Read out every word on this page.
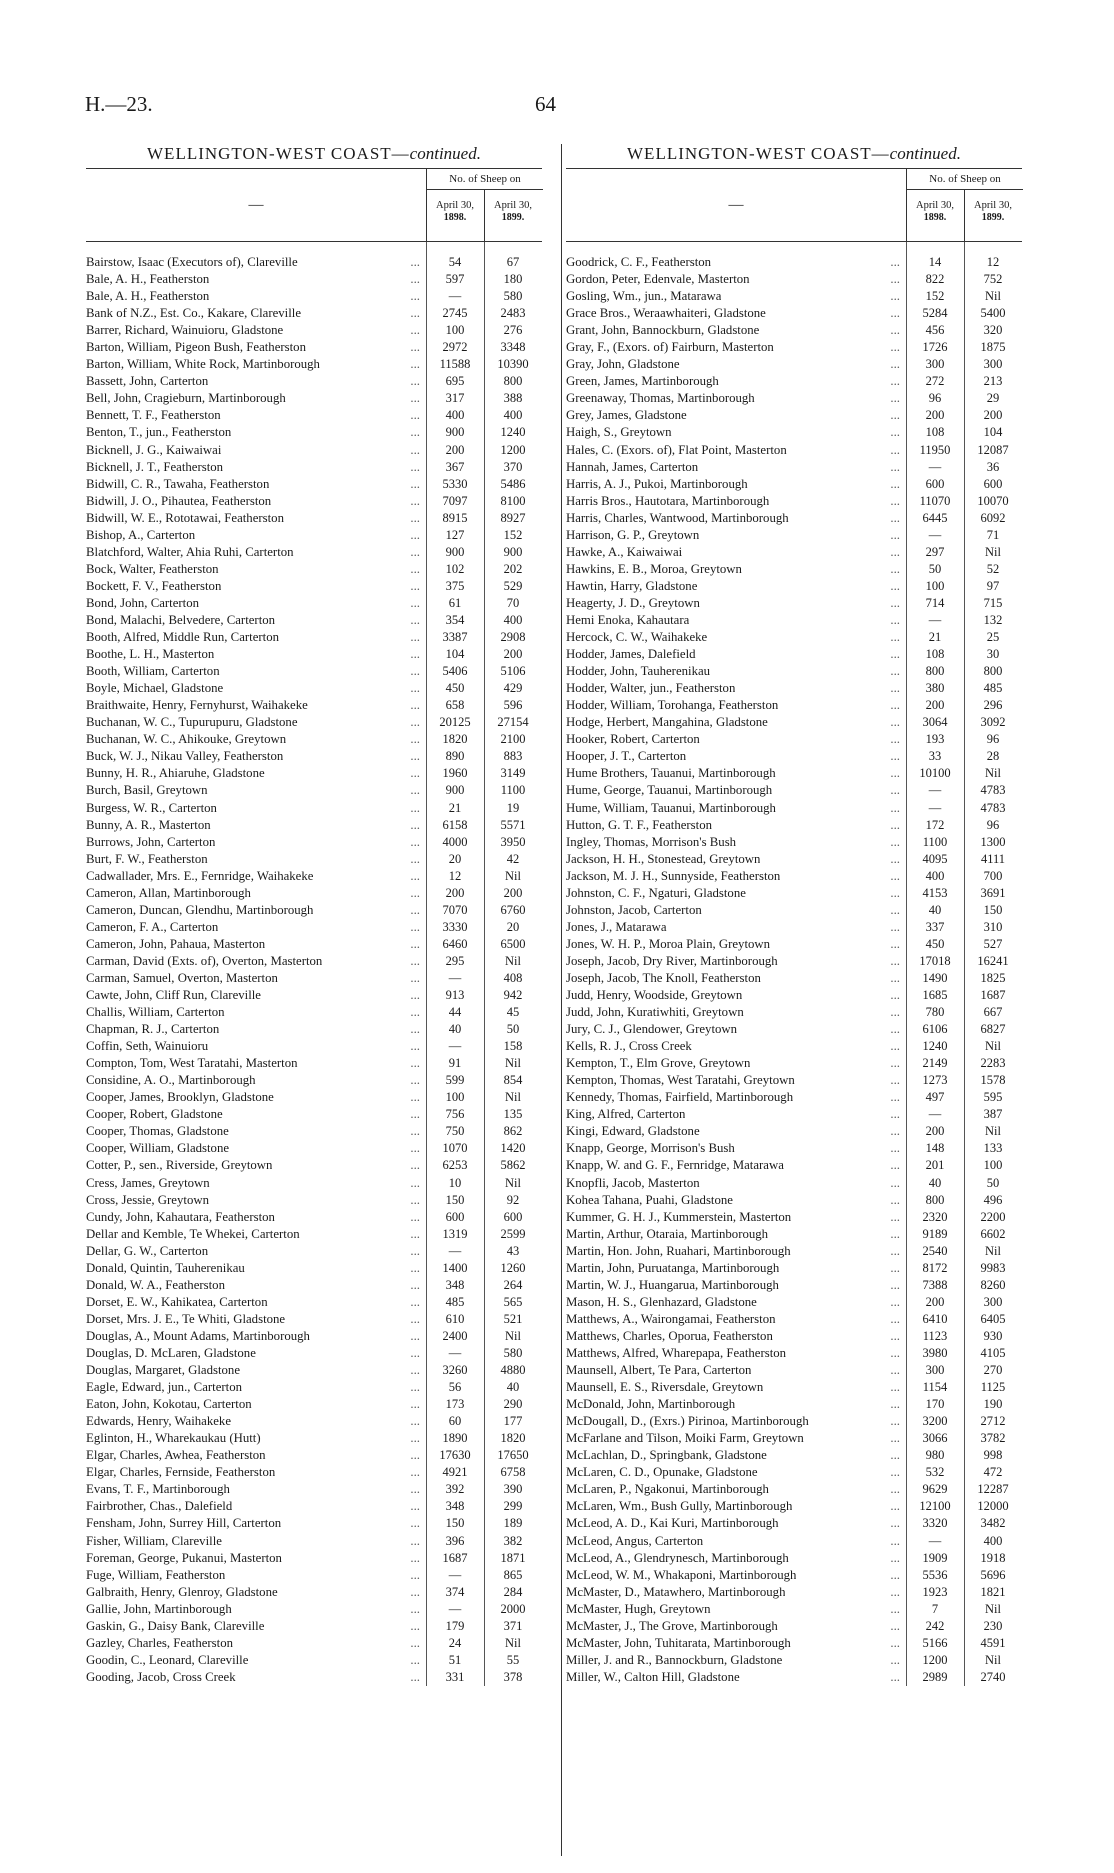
H.—23.	64
WELLINGTON-WEST COAST—continued.
—
No. of Sheep on
April 30,
1898.
April 30,
1899.
Bairstow, Isaac (Executors of), Clareville	...	54	67
Bale, A. H., Featherston	...	597	180
Bale, A. H., Featherston	...	—	580
Bank of N.Z., Est. Co., Kakare, Clareville	...	2745	2483
Barrer, Richard, Wainuioru, Gladstone	...	100	276
Barton, William, Pigeon Bush, Featherston	...	2972	3348
Barton, William, White Rock, Martinborough	...	11588	10390
Bassett, John, Carterton	...	695	800
Bell, John, Cragieburn, Martinborough	...	317	388
Bennett, T. F., Featherston	...	400	400
Benton, T., jun., Featherston	...	900	1240
Bicknell, J. G., Kaiwaiwai	...	200	1200
Bicknell, J. T., Featherston	...	367	370
Bidwill, C. R., Tawaha, Featherston	...	5330	5486
Bidwill, J. O., Pihautea, Featherston	...	7097	8100
Bidwill, W. E., Rototawai, Featherston	...	8915	8927
Bishop, A., Carterton	...	127	152
Blatchford, Walter, Ahia Ruhi, Carterton	...	900	900
Bock, Walter, Featherston	...	102	202
Bockett, F. V., Featherston	...	375	529
Bond, John, Carterton	...	61	70
Bond, Malachi, Belvedere, Carterton	...	354	400
Booth, Alfred, Middle Run, Carterton	...	3387	2908
Boothe, L. H., Masterton	...	104	200
Booth, William, Carterton	...	5406	5106
Boyle, Michael, Gladstone	...	450	429
Braithwaite, Henry, Fernyhurst, Waihakeke	...	658	596
Buchanan, W. C., Tupurupuru, Gladstone	...	20125	27154
Buchanan, W. C., Ahikouke, Greytown	...	1820	2100
Buck, W. J., Nikau Valley, Featherston	...	890	883
Bunny, H. R., Ahiaruhe, Gladstone	...	1960	3149
Burch, Basil, Greytown	...	900	1100
Burgess, W. R., Carterton	...	21	19
Bunny, A. R., Masterton	...	6158	5571
Burrows, John, Carterton	...	4000	3950
Burt, F. W., Featherston	...	20	42
Cadwallader, Mrs. E., Fernridge, Waihakeke	...	12	Nil
Cameron, Allan, Martinborough	...	200	200
Cameron, Duncan, Glendhu, Martinborough	...	7070	6760
Cameron, F. A., Carterton	...	3330	20
Cameron, John, Pahaua, Masterton	...	6460	6500
Carman, David (Exts. of), Overton, Masterton	...	295	Nil
Carman, Samuel, Overton, Masterton	...	—	408
Cawte, John, Cliff Run, Clareville	...	913	942
Challis, William, Carterton	...	44	45
Chapman, R. J., Carterton	...	40	50
Coffin, Seth, Wainuioru	...	—	158
Compton, Tom, West Taratahi, Masterton	...	91	Nil
Considine, A. O., Martinborough	...	599	854
Cooper, James, Brooklyn, Gladstone	...	100	Nil
Cooper, Robert, Gladstone	...	756	135
Cooper, Thomas, Gladstone	...	750	862
Cooper, William, Gladstone	...	1070	1420
Cotter, P., sen., Riverside, Greytown	...	6253	5862
Cress, James, Greytown	...	10	Nil
Cross, Jessie, Greytown	...	150	92
Cundy, John, Kahautara, Featherston	...	600	600
Dellar and Kemble, Te Whekei, Carterton	...	1319	2599
Dellar, G. W., Carterton	...	—	43
Donald, Quintin, Tauherenikau	...	1400	1260
Donald, W. A., Featherston	...	348	264
Dorset, E. W., Kahikatea, Carterton	...	485	565
Dorset, Mrs. J. E., Te Whiti, Gladstone	...	610	521
Douglas, A., Mount Adams, Martinborough	...	2400	Nil
Douglas, D. McLaren, Gladstone	...	—	580
Douglas, Margaret, Gladstone	...	3260	4880
Eagle, Edward, jun., Carterton	...	56	40
Eaton, John, Kokotau, Carterton	...	173	290
Edwards, Henry, Waihakeke	...	60	177
Eglinton, H., Wharekaukau (Hutt)	...	1890	1820
Elgar, Charles, Awhea, Featherston	...	17630	17650
Elgar, Charles, Fernside, Featherston	...	4921	6758
Evans, T. F., Martinborough	...	392	390
Fairbrother, Chas., Dalefield	...	348	299
Fensham, John, Surrey Hill, Carterton	...	150	189
Fisher, William, Clareville	...	396	382
Foreman, George, Pukanui, Masterton	...	1687	1871
Fuge, William, Featherston	...	—	865
Galbraith, Henry, Glenroy, Gladstone	...	374	284
Gallie, John, Martinborough	...	—	2000
Gaskin, G., Daisy Bank, Clareville	...	179	371
Gazley, Charles, Featherston	...	24	Nil
Goodin, C., Leonard, Clareville	...	51	55
Gooding, Jacob, Cross Creek	...	331	378
WELLINGTON-WEST COAST—continued.
—
No. of Sheep on
April 30,
1898.
April 30,
1899.
Goodrick, C. F., Featherston	...	14	12
Gordon, Peter, Edenvale, Masterton	...	822	752
Gosling, Wm., jun., Matarawa	...	152	Nil
Grace Bros., Weraawhaiteri, Gladstone	...	5284	5400
Grant, John, Bannockburn, Gladstone	...	456	320
Gray, F., (Exors. of) Fairburn, Masterton	...	1726	1875
Gray, John, Gladstone	...	300	300
Green, James, Martinborough	...	272	213
Greenaway, Thomas, Martinborough	...	96	29
Grey, James, Gladstone	...	200	200
Haigh, S., Greytown	...	108	104
Hales, C. (Exors. of), Flat Point, Masterton	...	11950	12087
Hannah, James, Carterton	...	—	36
Harris, A. J., Pukoi, Martinborough	...	600	600
Harris Bros., Hautotara, Martinborough	...	11070	10070
Harris, Charles, Wantwood, Martinborough	...	6445	6092
Harrison, G. P., Greytown	...	—	71
Hawke, A., Kaiwaiwai	...	297	Nil
Hawkins, E. B., Moroa, Greytown	...	50	52
Hawtin, Harry, Gladstone	...	100	97
Heagerty, J. D., Greytown	...	714	715
Hemi Enoka, Kahautara	...	—	132
Hercock, C. W., Waihakeke	...	21	25
Hodder, James, Dalefield	...	108	30
Hodder, John, Tauherenikau	...	800	800
Hodder, Walter, jun., Featherston	...	380	485
Hodder, William, Torohanga, Featherston	...	200	296
Hodge, Herbert, Mangahina, Gladstone	...	3064	3092
Hooker, Robert, Carterton	...	193	96
Hooper, J. T., Carterton	...	33	28
Hume Brothers, Tauanui, Martinborough	...	10100	Nil
Hume, George, Tauanui, Martinborough	...	—	4783
Hume, William, Tauanui, Martinborough	...	—	4783
Hutton, G. T. F., Featherston	...	172	96
Ingley, Thomas, Morrison's Bush	...	1100	1300
Jackson, H. H., Stonestead, Greytown	...	4095	4111
Jackson, M. J. H., Sunnyside, Featherston	...	400	700
Johnston, C. F., Ngaturi, Gladstone	...	4153	3691
Johnston, Jacob, Carterton	...	40	150
Jones, J., Matarawa	...	337	310
Jones, W. H. P., Moroa Plain, Greytown	...	450	527
Joseph, Jacob, Dry River, Martinborough	...	17018	16241
Joseph, Jacob, The Knoll, Featherston	...	1490	1825
Judd, Henry, Woodside, Greytown	...	1685	1687
Judd, John, Kuratiwhiti, Greytown	...	780	667
Jury, C. J., Glendower, Greytown	...	6106	6827
Kells, R. J., Cross Creek	...	1240	Nil
Kempton, T., Elm Grove, Greytown	...	2149	2283
Kempton, Thomas, West Taratahi, Greytown	...	1273	1578
Kennedy, Thomas, Fairfield, Martinborough	...	497	595
King, Alfred, Carterton	...	—	387
Kingi, Edward, Gladstone	...	200	Nil
Knapp, George, Morrison's Bush	...	148	133
Knapp, W. and G. F., Fernridge, Matarawa	...	201	100
Knopfli, Jacob, Masterton	...	40	50
Kohea Tahana, Puahi, Gladstone	...	800	496
Kummer, G. H. J., Kummerstein, Masterton	...	2320	2200
Martin, Arthur, Otaraia, Martinborough	...	9189	6602
Martin, Hon. John, Ruahari, Martinborough	...	2540	Nil
Martin, John, Puruatanga, Martinborough	...	8172	9983
Martin, W. J., Huangarua, Martinborough	...	7388	8260
Mason, H. S., Glenhazard, Gladstone	...	200	300
Matthews, A., Wairongamai, Featherston	...	6410	6405
Matthews, Charles, Oporua, Featherston	...	1123	930
Matthews, Alfred, Wharepapa, Featherston	...	3980	4105
Maunsell, Albert, Te Para, Carterton	...	300	270
Maunsell, E. S., Riversdale, Greytown	...	1154	1125
McDonald, John, Martinborough	...	170	190
McDougall, D., (Exrs.) Pirinoa, Martinborough	...	3200	2712
McFarlane and Tilson, Moiki Farm, Greytown	...	3066	3782
McLachlan, D., Springbank, Gladstone	...	980	998
McLaren, C. D., Opunake, Gladstone	...	532	472
McLaren, P., Ngakonui, Martinborough	...	9629	12287
McLaren, Wm., Bush Gully, Martinborough	...	12100	12000
McLeod, A. D., Kai Kuri, Martinborough	...	3320	3482
McLeod, Angus, Carterton	...	—	400
McLeod, A., Glendrynesch, Martinborough	...	1909	1918
McLeod, W. M., Whakaponi, Martinborough	...	5536	5696
McMaster, D., Matawhero, Martinborough	...	1923	1821
McMaster, Hugh, Greytown	...	7	Nil
McMaster, J., The Grove, Martinborough	...	242	230
McMaster, John, Tuhitarata, Martinborough	...	5166	4591
Miller, J. and R., Bannockburn, Gladstone	...	1200	Nil
Miller, W., Calton Hill, Gladstone	...	2989	2740
